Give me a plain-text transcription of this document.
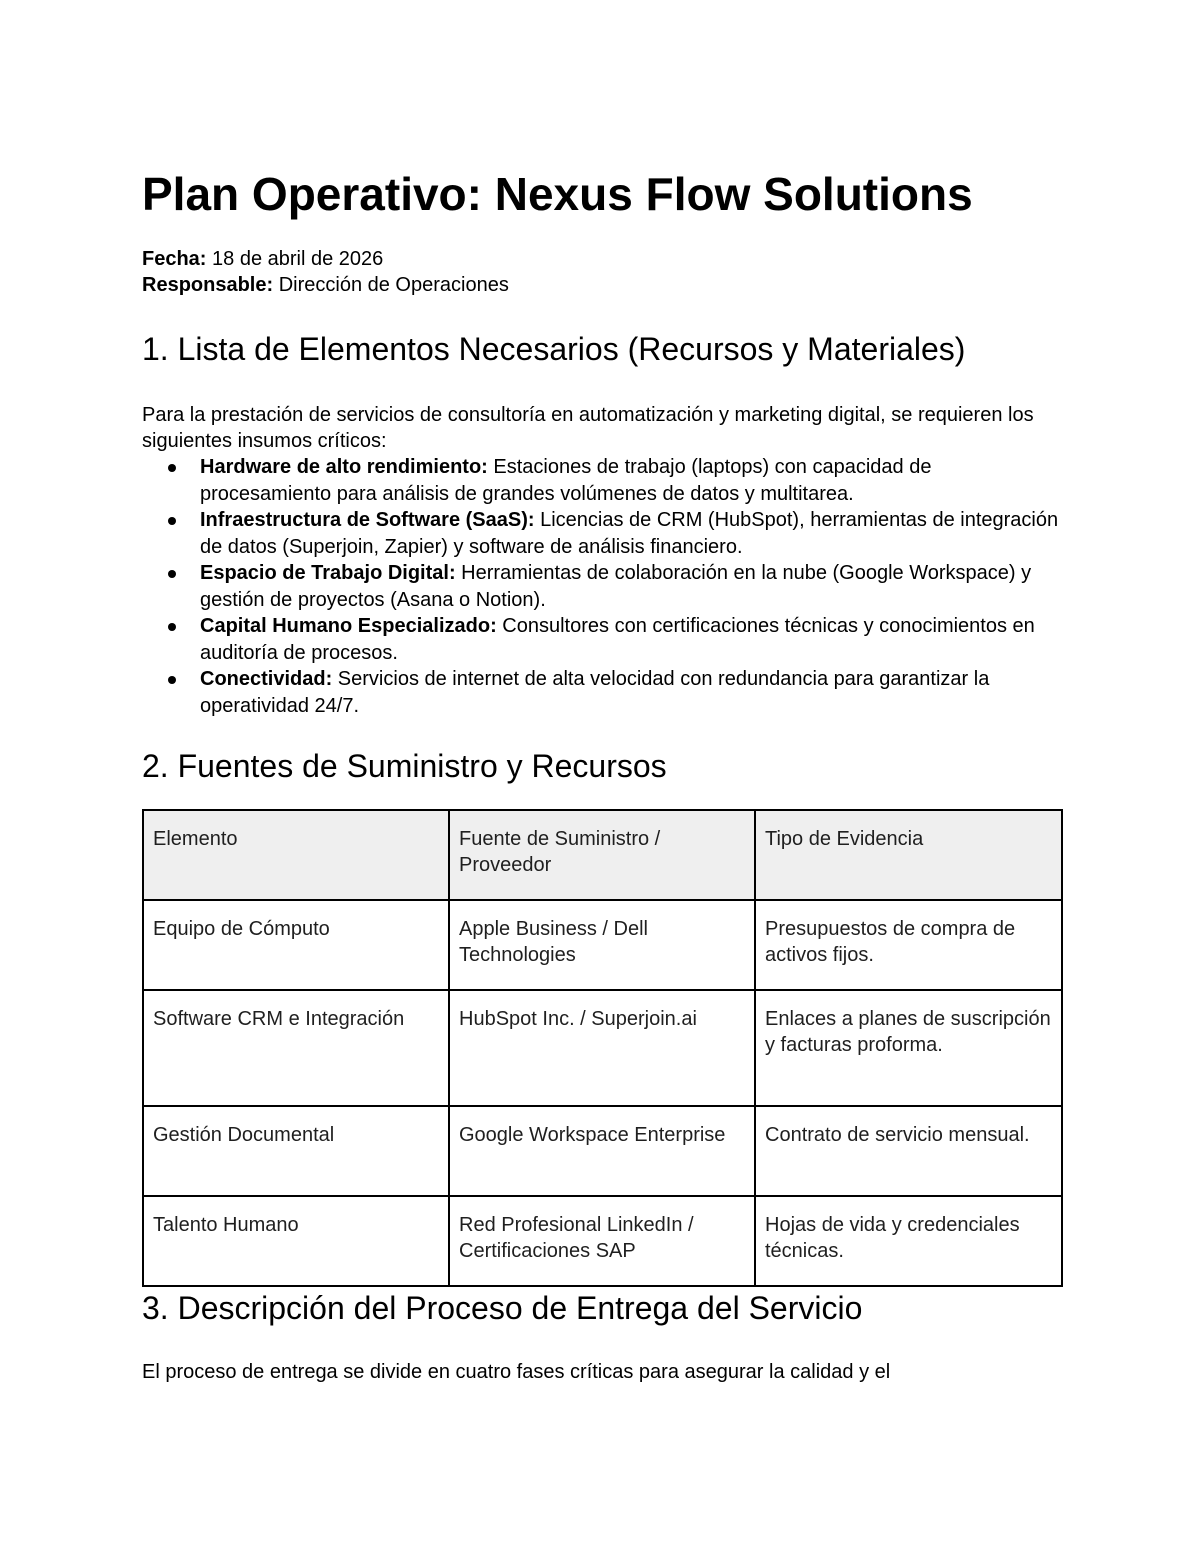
Plan Operativo: Nexus Flow Solutions
Fecha: 18 de abril de 2026
Responsable: Dirección de Operaciones
1. Lista de Elementos Necesarios (Recursos y Materiales)

Para la prestación de servicios de consultoría en automatización y marketing digital, se requieren los siguientes insumos críticos:

Hardware de alto rendimiento: Estaciones de trabajo (laptops) con capacidad de procesamiento para análisis de grandes volúmenes de datos y multitarea.
Infraestructura de Software (SaaS): Licencias de CRM (HubSpot), herramientas de integración de datos (Superjoin, Zapier) y software de análisis financiero.
Espacio de Trabajo Digital: Herramientas de colaboración en la nube (Google Workspace) y gestión de proyectos (Asana o Notion).
Capital Humano Especializado: Consultores con certificaciones técnicas y conocimientos en auditoría de procesos.
Conectividad: Servicios de internet de alta velocidad con redundancia para garantizar la operatividad 24/7.
2. Fuentes de Suministro y Recursos
Elemento	Fuente de Suministro / Proveedor	Tipo de Evidencia
Equipo de Cómputo	Apple Business / Dell Technologies	Presupuestos de compra de activos fijos.
Software CRM e Integración	HubSpot Inc. / Superjoin.ai	Enlaces a planes de suscripción y facturas proforma.
Gestión Documental	Google Workspace Enterprise	Contrato de servicio mensual.
Talento Humano	Red Profesional LinkedIn / Certificaciones SAP	Hojas de vida y credenciales técnicas.
3. Descripción del Proceso de Entrega del Servicio

El proceso de entrega se divide en cuatro fases críticas para asegurar la calidad y el
